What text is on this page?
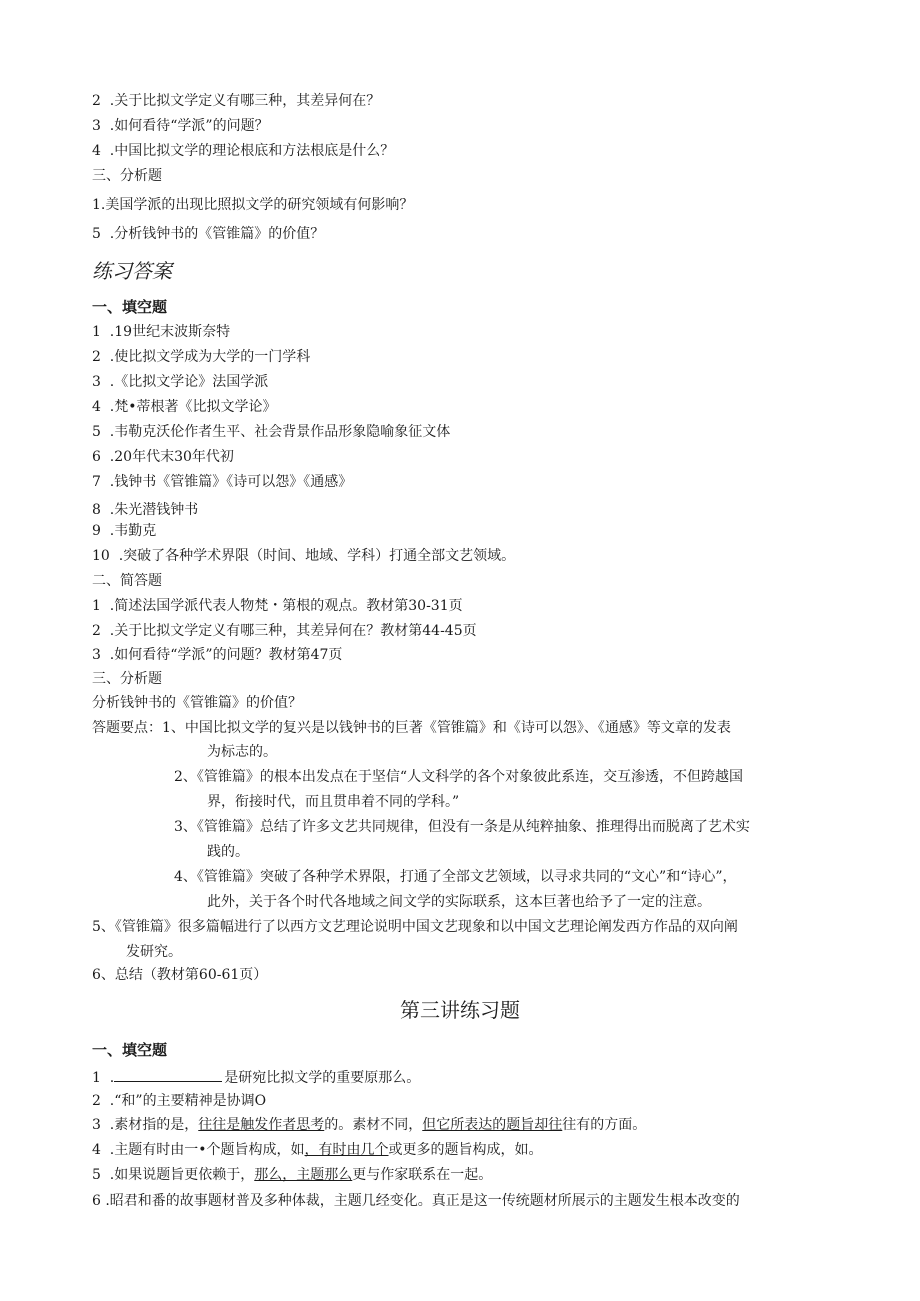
2  .关于比拟文学定义有哪三种，其差异何在？
3  .如何看待“学派”的问题？
4  .中国比拟文学的理论根底和方法根底是什么？
三、分析题
1.美国学派的出现比照拟文学的研究领域有何影响？
5  .分析钱钟书的《管锥篇》的价值？
练习答案
一、填空题
1  .19世纪末波斯奈特
2  .使比拟文学成为大学的一门学科
3  .《比拟文学论》法国学派
4  .梵•蒂根著《比拟文学论》
5  .韦勒克沃伦作者生平、社会背景作品形象隐喻象征文体
6  .20年代末30年代初
7  .钱钟书《管锥篇》《诗可以怨》《通感》
8  .朱光潜钱钟书
9  .韦勤克
10  .突破了各种学术界限（时间、地域、学科）打通全部文艺领域。
二、简答题
1  .简述法国学派代表人物梵・第根的观点。教材第30-31页
2  .关于比拟文学定义有哪三种，其差异何在？教材第44-45页
3  .如何看待“学派”的问题？教材第47页
三、分析题
分析钱钟书的《管锥篇》的价值？
答题要点：1、中国比拟文学的复兴是以钱钟书的巨著《管锥篇》和《诗可以怨》、《通感》等文章的发表
为标志的。
2、《管锥篇》的根本出发点在于坚信“人文科学的各个对象彼此系连，交互渗透，不但跨越国
界，衔接时代，而且贯串着不同的学科。”
3、《管锥篇》总结了许多文艺共同规律，但没有一条是从纯粹抽象、推理得出而脱离了艺术实
践的。
4、《管锥篇》突破了各种学术界限，打通了全部文艺领域，以寻求共同的“文心”和“诗心”，
此外，关于各个时代各地域之间文学的实际联系，这本巨著也给予了一定的注意。
5、《管锥篇》很多篇幅进行了以西方文艺理论说明中国文艺现象和以中国文艺理论阐发西方作品的双向阐
发研究。
6、总结（教材第60-61页）
第三讲练习题
一、填空题
1  .	是研宛比拟文学的重要原那么。
2  .“和”的主要精神是协调O
3  .素材指的是，往往是触发作者思考的。素材不同，但它所表达的题旨却往往有的方面。
4  .主题有时由一•个题旨构成，如，有时由几个或更多的题旨构成，如。
5  .如果说题旨更依赖于，那么，主题那么更与作家联系在一起。
6 .昭君和番的故事题材普及多种体裁，主题几经变化。真正是这一传统题材所展示的主题发生根本改变的
